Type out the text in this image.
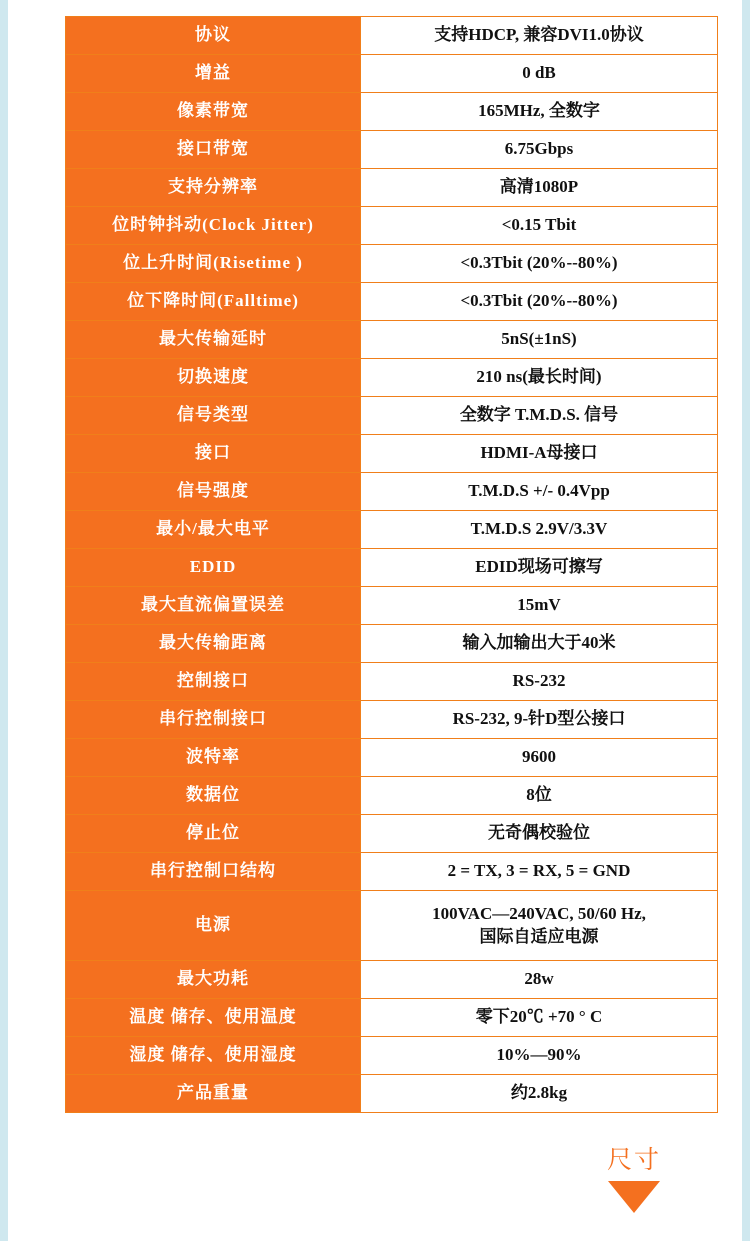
协议	支持HDCP, 兼容DVI1.0协议

增益	0 dB

像素带宽	165MHz, 全数字

接口带宽	6.75Gbps

支持分辨率	高清1080P

位时钟抖动(Clock Jitter)	<0.15 Tbit

位上升时间(Risetime )	<0.3Tbit (20%--80%)

位下降时间(Falltime)	<0.3Tbit (20%--80%)

最大传输延时	5nS(±1nS)

切换速度	210 ns(最长时间)

信号类型	全数字 T.M.D.S. 信号

接口	HDMI-A母接口

信号强度	T.M.D.S +/- 0.4Vpp

最小/最大电平	T.M.D.S 2.9V/3.3V

EDID	EDID现场可擦写

最大直流偏置误差	15mV

最大传输距离	输入加输出大于40米

控制接口	RS-232

串行控制接口	RS-232, 9-针D型公接口

波特率	9600

数据位	8位

停止位	无奇偶校验位

串行控制口结构	2 = TX, 3 = RX, 5 = GND

电源	100VAC—240VAC, 50/60 Hz,
国际自适应电源

最大功耗	28w

温度 储存、使用温度	零下20℃ +70 ° C

湿度 储存、使用湿度	10%—90%

产品重量	约2.8kg
尺寸
